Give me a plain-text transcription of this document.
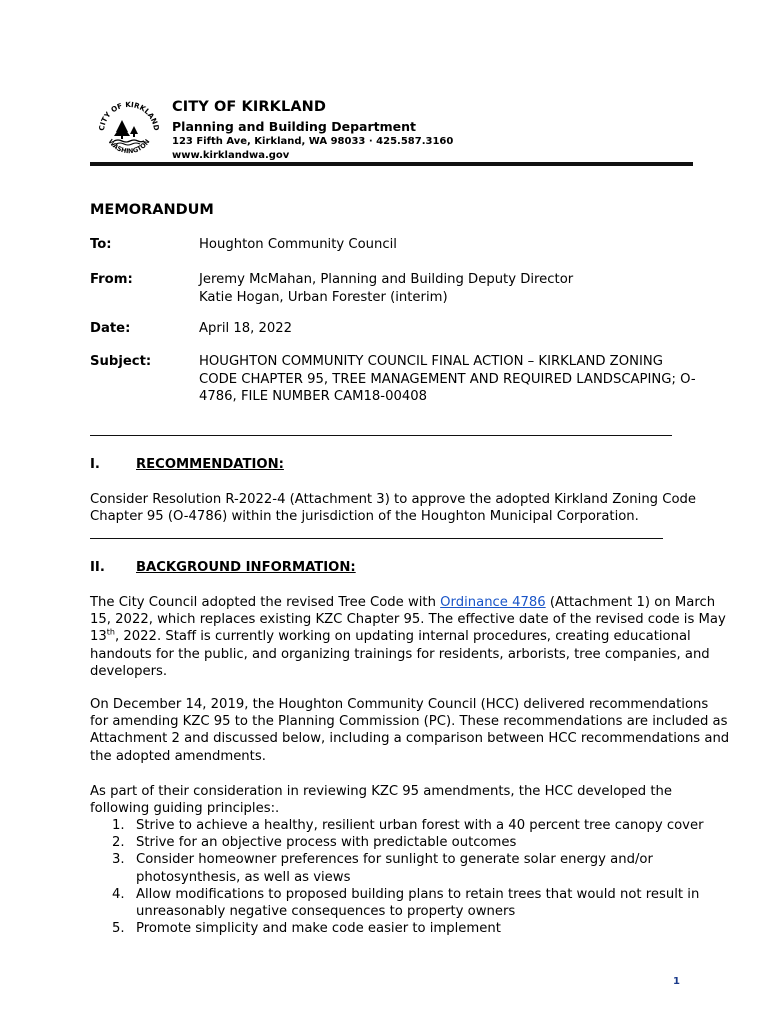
CITY OF KIRKLAND
WASHINGTON
CITY OF KIRKLAND
Planning and Building Department
123 Fifth Ave, Kirkland, WA 98033 · 425.587.3160
www.kirklandwa.gov
MEMORANDUM
To:	Houghton Community Council
From:	Jeremy McMahan, Planning and Building Deputy Director
Katie Hogan, Urban Forester (interim)
Date:	April 18, 2022
Subject:	HOUGHTON COMMUNITY COUNCIL FINAL ACTION – KIRKLAND ZONING
CODE CHAPTER 95, TREE MANAGEMENT AND REQUIRED LANDSCAPING; O-
4786, FILE NUMBER CAM18-00408
I.	RECOMMENDATION:
Consider Resolution R-2022-4 (Attachment 3) to approve the adopted Kirkland Zoning Code
Chapter 95 (O-4786) within the jurisdiction of the Houghton Municipal Corporation.
II. BACKGROUND INFORMATION:
The City Council adopted the revised Tree Code with Ordinance 4786 (Attachment 1) on March
15, 2022, which replaces existing KZC Chapter 95. The effective date of the revised code is May
13th, 2022. Staff is currently working on updating internal procedures, creating educational
handouts for the public, and organizing trainings for residents, arborists, tree companies, and
developers.
On December 14, 2019, the Houghton Community Council (HCC) delivered recommendations
for amending KZC 95 to the Planning Commission (PC). These recommendations are included as
Attachment 2 and discussed below, including a comparison between HCC recommendations and
the adopted amendments.
As part of their consideration in reviewing KZC 95 amendments, the HCC developed the
following guiding principles:.
1. Strive to achieve a healthy, resilient urban forest with a 40 percent tree canopy cover
2. Strive for an objective process with predictable outcomes
3. Consider homeowner preferences for sunlight to generate solar energy and/or
photosynthesis, as well as views
4. Allow modifications to proposed building plans to retain trees that would not result in
unreasonably negative consequences to property owners
5. Promote simplicity and make code easier to implement
1
